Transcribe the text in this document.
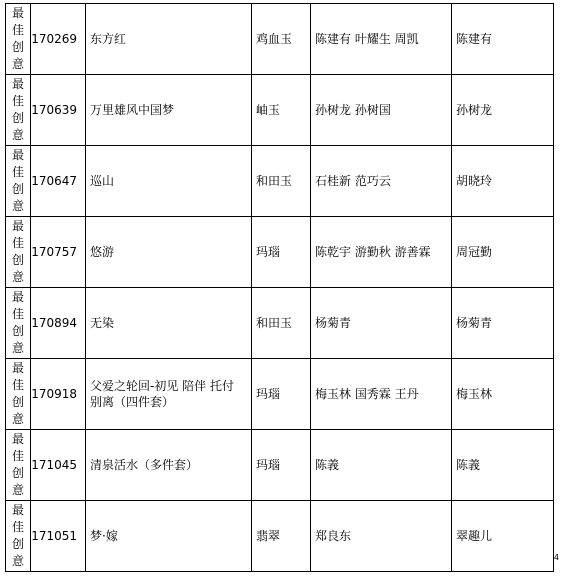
最佳创意	170269	东方红	鸡血玉	陈建有 叶耀生 周凯	陈建有

最佳创意	170639	万里雄风中国梦	岫玉	孙树龙 孙树国	孙树龙

最佳创意	170647	巡山	和田玉	石桂新 范巧云	胡晓玲

最佳创意	170757	悠游	玛瑙	陈乾宇 游勤秋 游善霖	周冠勤

最佳创意	170894	无染	和田玉	杨菊青	杨菊青

最佳创意	170918	父爱之轮回-初见 陪伴 托付 别离（四件套）	玛瑙	梅玉林 国秀霖 王丹	梅玉林

最佳创意	171045	清泉活水（多件套）	玛瑙	陈義	陈義

最佳创意	171051	梦·嫁	翡翠	郑良东	翠趣儿
4
